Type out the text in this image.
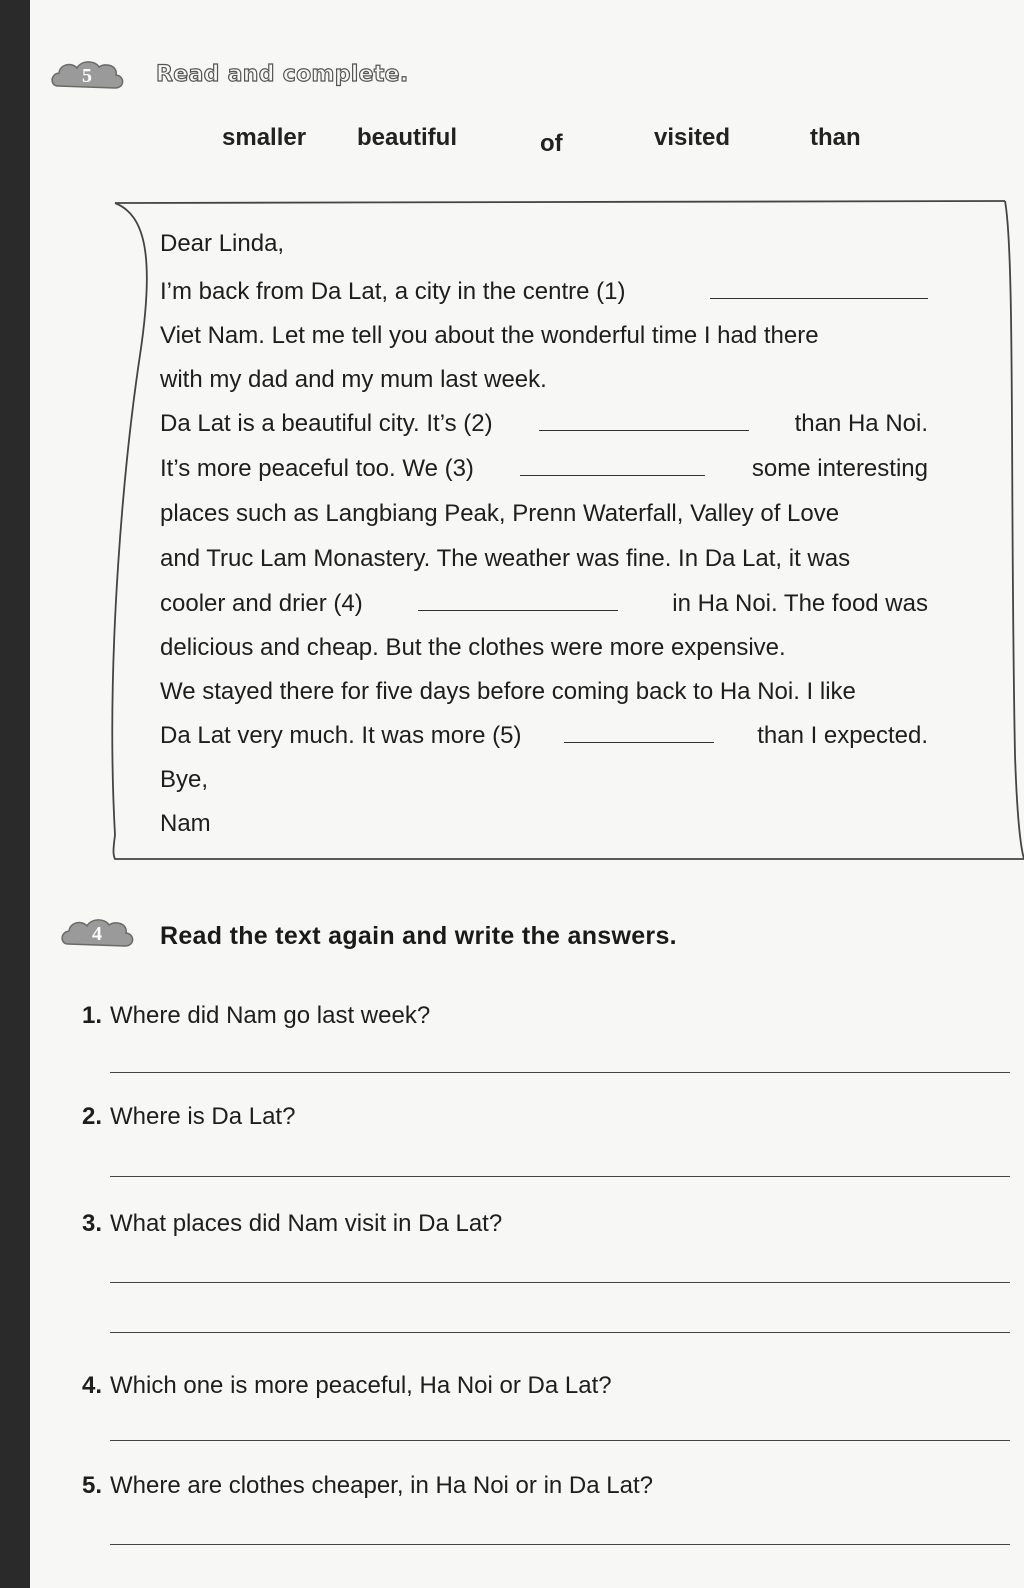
5	Read and complete.
smaller beautiful	of	visited	than
Dear Linda,
I’m back from Da Lat, a city in the centre (1)
Viet Nam. Let me tell you about the wonderful time I had there
with my dad and my mum last week.
Da Lat is a beautiful city. It’s (2)	than Ha Noi.
It’s more peaceful too. We (3)	some interesting
places such as Langbiang Peak, Prenn Waterfall, Valley of Love
and Truc Lam Monastery. The weather was fine. In Da Lat, it was
cooler and drier (4)	in Ha Noi. The food was
delicious and cheap. But the clothes were more expensive.
We stayed there for five days before coming back to Ha Noi. I like
Da Lat very much. It was more (5)	than I expected.
Bye,
Nam
4	Read the text again and write the answers.
1. Where did Nam go last week?
2. Where is Da Lat?
3. What places did Nam visit in Da Lat?
4. Which one is more peaceful, Ha Noi or Da Lat?
5. Where are clothes cheaper, in Ha Noi or in Da Lat?
